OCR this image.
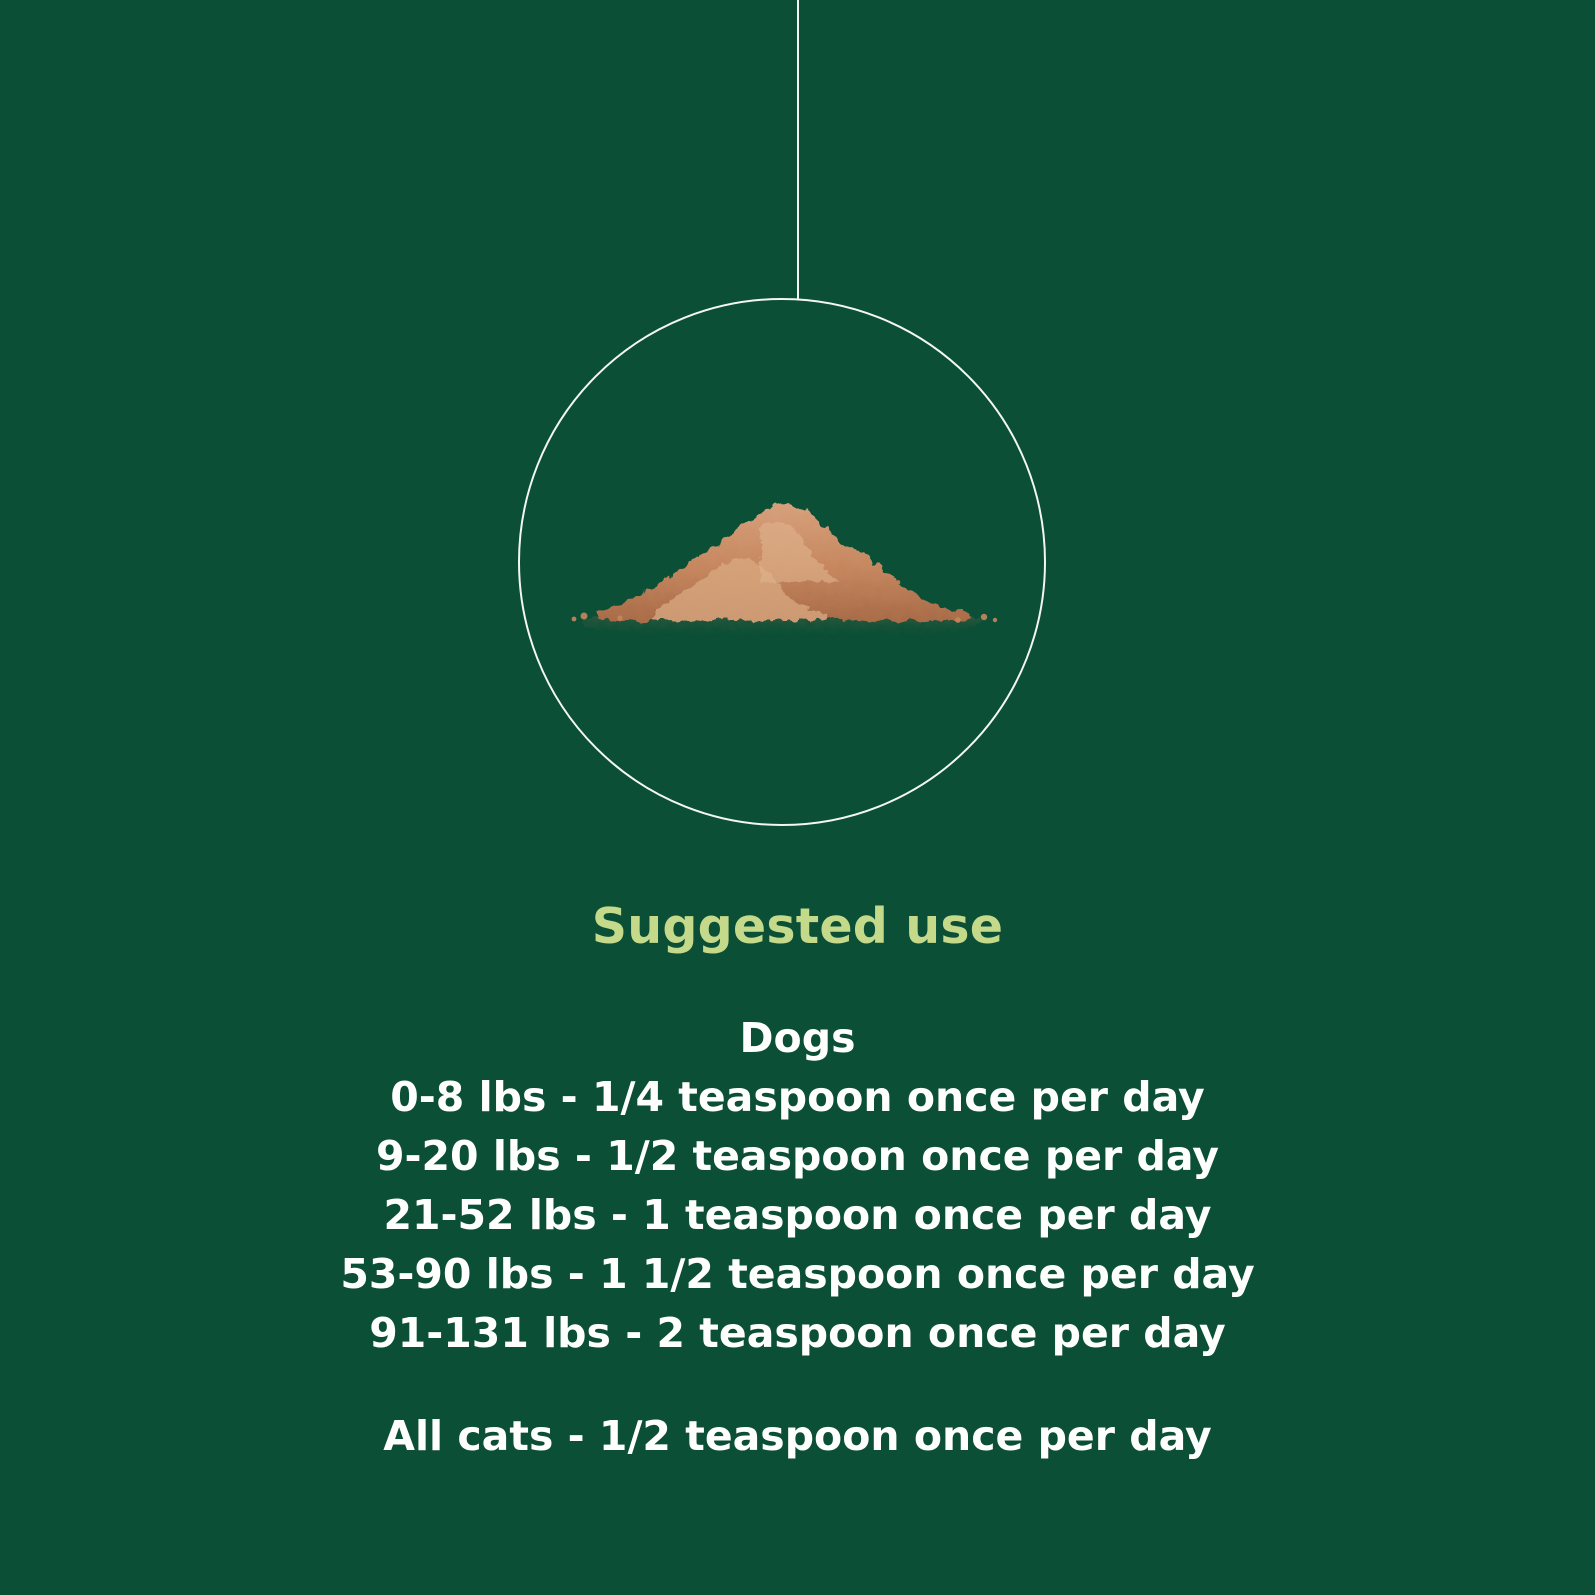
Suggested use
Dogs
0-8 lbs - 1/4 teaspoon once per day
9-20 lbs - 1/2 teaspoon once per day
21-52 lbs - 1 teaspoon once per day
53-90 lbs - 1 1/2 teaspoon once per day
91-131 lbs - 2 teaspoon once per day
All cats - 1/2 teaspoon once per day
